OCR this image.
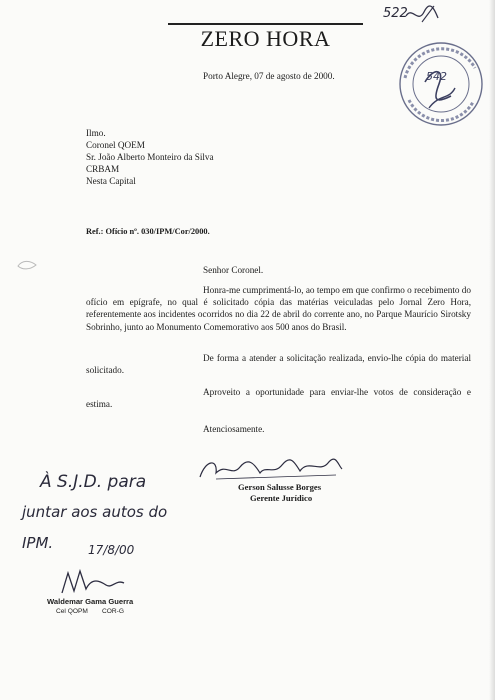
522
ZERO HORA
542
Porto Alegre, 07 de agosto de 2000.
Ilmo.
Coronel QOEM
Sr. João Alberto Monteiro da Silva
CRBAM
Nesta Capital
Ref.: Ofício nº. 030/IPM/Cor/2000.
Senhor Coronel.
Honra-me cumprimentá-lo, ao tempo em que confirmo o recebimento do ofício em epígrafe, no qual é solicitado cópia das matérias veiculadas pelo Jornal Zero Hora, referentemente aos incidentes ocorridos no dia 22 de abril do corrente ano, no Parque Maurício Sirotsky Sobrinho, junto ao Monumento Comemorativo aos 500 anos do Brasil.
De forma a atender a solicitação realizada, envio-lhe cópia do material solicitado.
Aproveito a oportunidade para enviar-lhe votos de consideração e estima.
Atenciosamente.
Gerson Salusse Borges
Gerente Jurídico
À S.J.D. para
juntar aos autos do
IPM.	17/8/00
Waldemar Gama Guerra
Cel QOPM COR-G
